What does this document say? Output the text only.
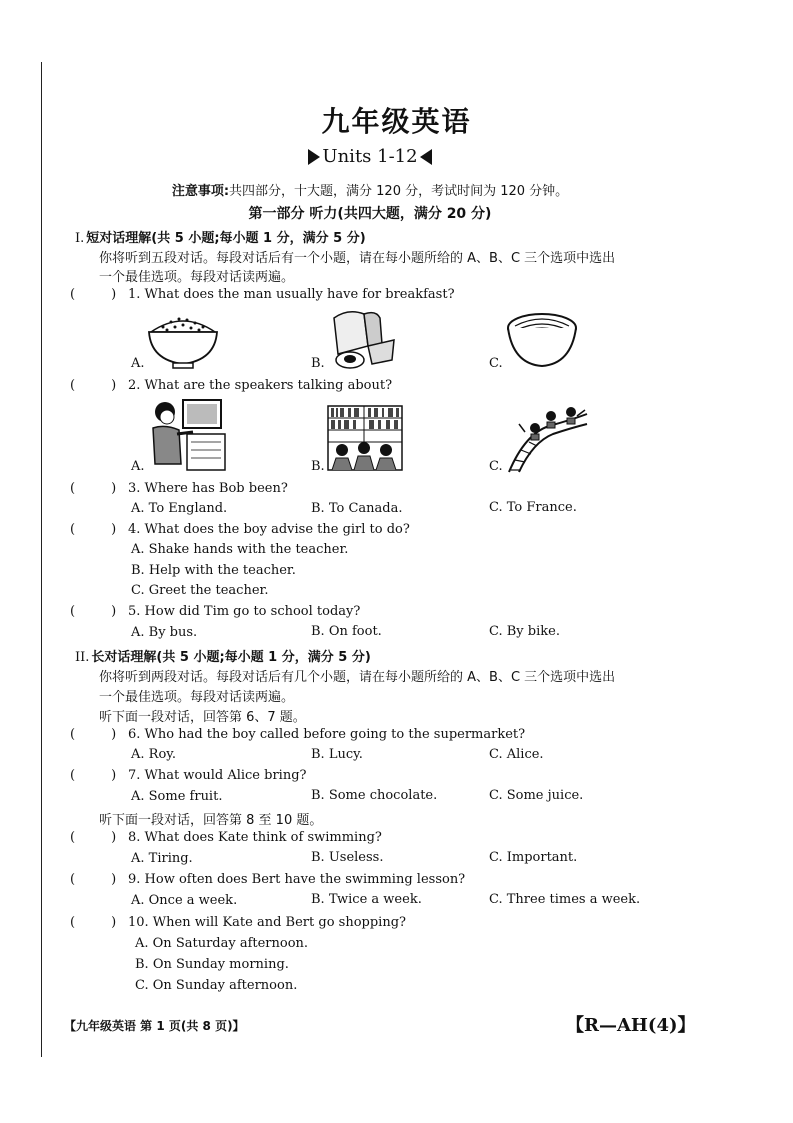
九年级英语
Units 1-12
注意事项:共四部分，十大题，满分 120 分，考试时间为 120 分钟。
第一部分 听力(共四大题，满分 20 分)
I. 短对话理解(共 5 小题;每小题 1 分，满分 5 分)
你将听到五段对话。每段对话后有一个小题，请在每小题所给的 A、B、C 三个选项中选出
一个最佳选项。每段对话读两遍。
(	) 1. What does the man usually have for breakfast?
A.	B.	C.
(	) 2. What are the speakers talking about?
A.	B.	C.
(	) 3. Where has Bob been?
A. To England.	B. To Canada.	C. To France.
(	) 4. What does the boy advise the girl to do?
A. Shake hands with the teacher.
B. Help with the teacher.
C. Greet the teacher.
(	) 5. How did Tim go to school today?
A. By bus.	B. On foot.	C. By bike.
II. 长对话理解(共 5 小题;每小题 1 分，满分 5 分)
你将听到两段对话。每段对话后有几个小题，请在每小题所给的 A、B、C 三个选项中选出
一个最佳选项。每段对话读两遍。
听下面一段对话，回答第 6、7 题。
(	) 6. Who had the boy called before going to the supermarket?
A. Roy.	B. Lucy.	C. Alice.
(	) 7. What would Alice bring?
A. Some fruit.	B. Some chocolate.	C. Some juice.
听下面一段对话，回答第 8 至 10 题。
(	) 8. What does Kate think of swimming?
A. Tiring.	B. Useless.	C. Important.
(	) 9. How often does Bert have the swimming lesson?
A. Once a week.	B. Twice a week.	C. Three times a week.
(	) 10. When will Kate and Bert go shopping?
A. On Saturday afternoon.
B. On Sunday morning.
C. On Sunday afternoon.
【九年级英语 第 1 页(共 8 页)】	【R—AH(4)】
